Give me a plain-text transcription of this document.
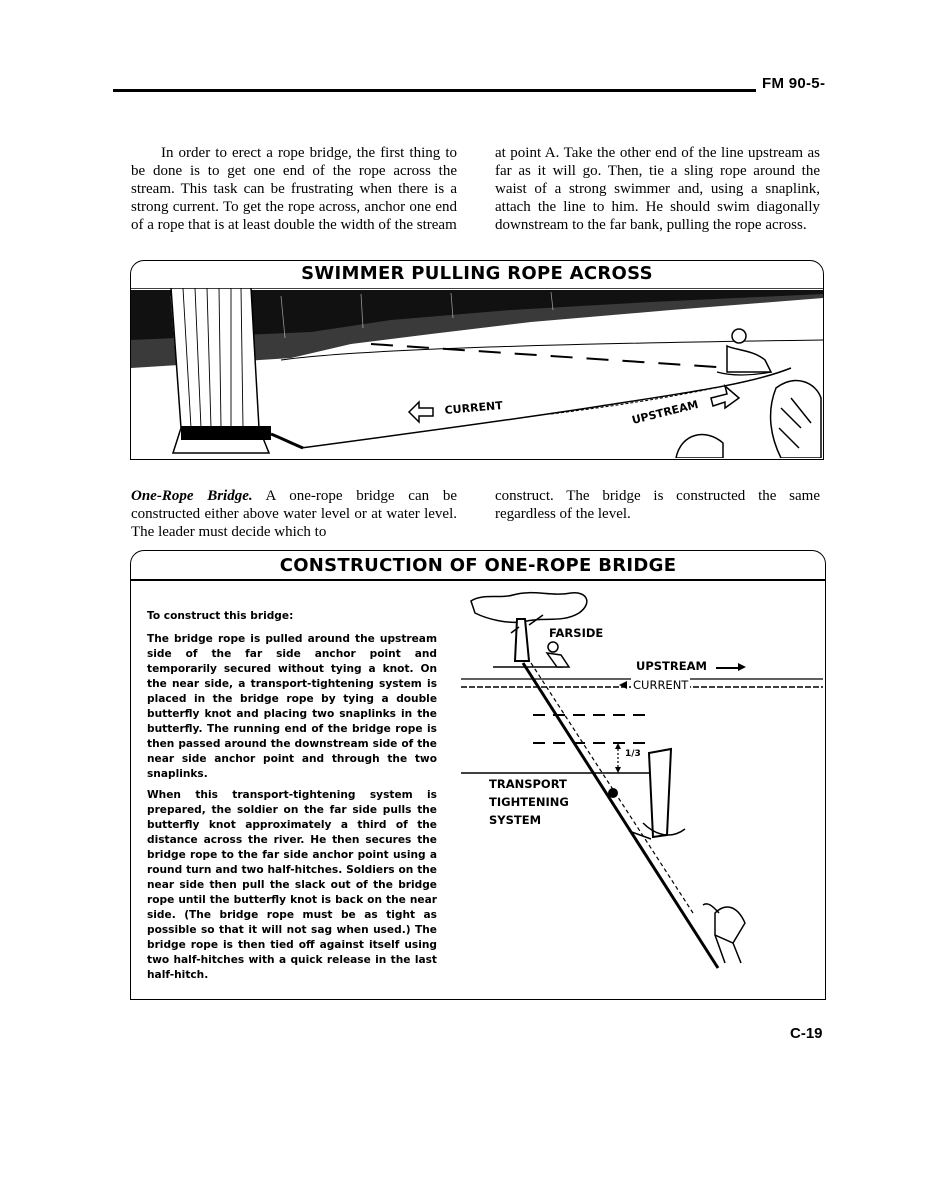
FM 90-5-

In order to erect a rope bridge, the first thing to be done is to get one end of the rope across the stream. This task can be frustrating when there is a strong current. To get the rope across, anchor one end of a rope that is at least double the width of the stream

at point A. Take the other end of the line upstream as far as it will go. Then, tie a sling rope around the waist of a strong swimmer and, using a snaplink, attach the line to him. He should swim diagonally downstream to the far bank, pulling the rope across.

SWIMMER PULLING ROPE ACROSS
CURRENT	UPSTREAM

One-Rope Bridge. A one-rope bridge can be constructed either above water level or at water level. The leader must decide which to

construct. The bridge is constructed the same regardless of the level.

CONSTRUCTION OF ONE-ROPE BRIDGE

To construct this bridge:

The bridge rope is pulled around the upstream side of the far side anchor point and temporarily secured without tying a knot. On the near side, a transport-tightening system is placed in the bridge rope by tying a double butterfly knot and placing two snaplinks in the butterfly. The running end of the bridge rope is then passed around the downstream side of the near side anchor point and through the two snaplinks.

When this transport-tightening system is prepared, the soldier on the far side pulls the butterfly knot approximately a third of the distance across the river. He then secures the bridge rope to the far side anchor point using a round turn and two half-hitches. Soldiers on the near side then pull the slack out of the bridge rope until the butterfly knot is back on the near side. (The bridge rope must be as tight as possible so that it will not sag when used.) The bridge rope is then tied off against itself using two half-hitches with a quick release in the last half-hitch.

FARSIDE
UPSTREAM
CURRENT
1/3
TRANSPORT
TIGHTENING
SYSTEM
C-19
